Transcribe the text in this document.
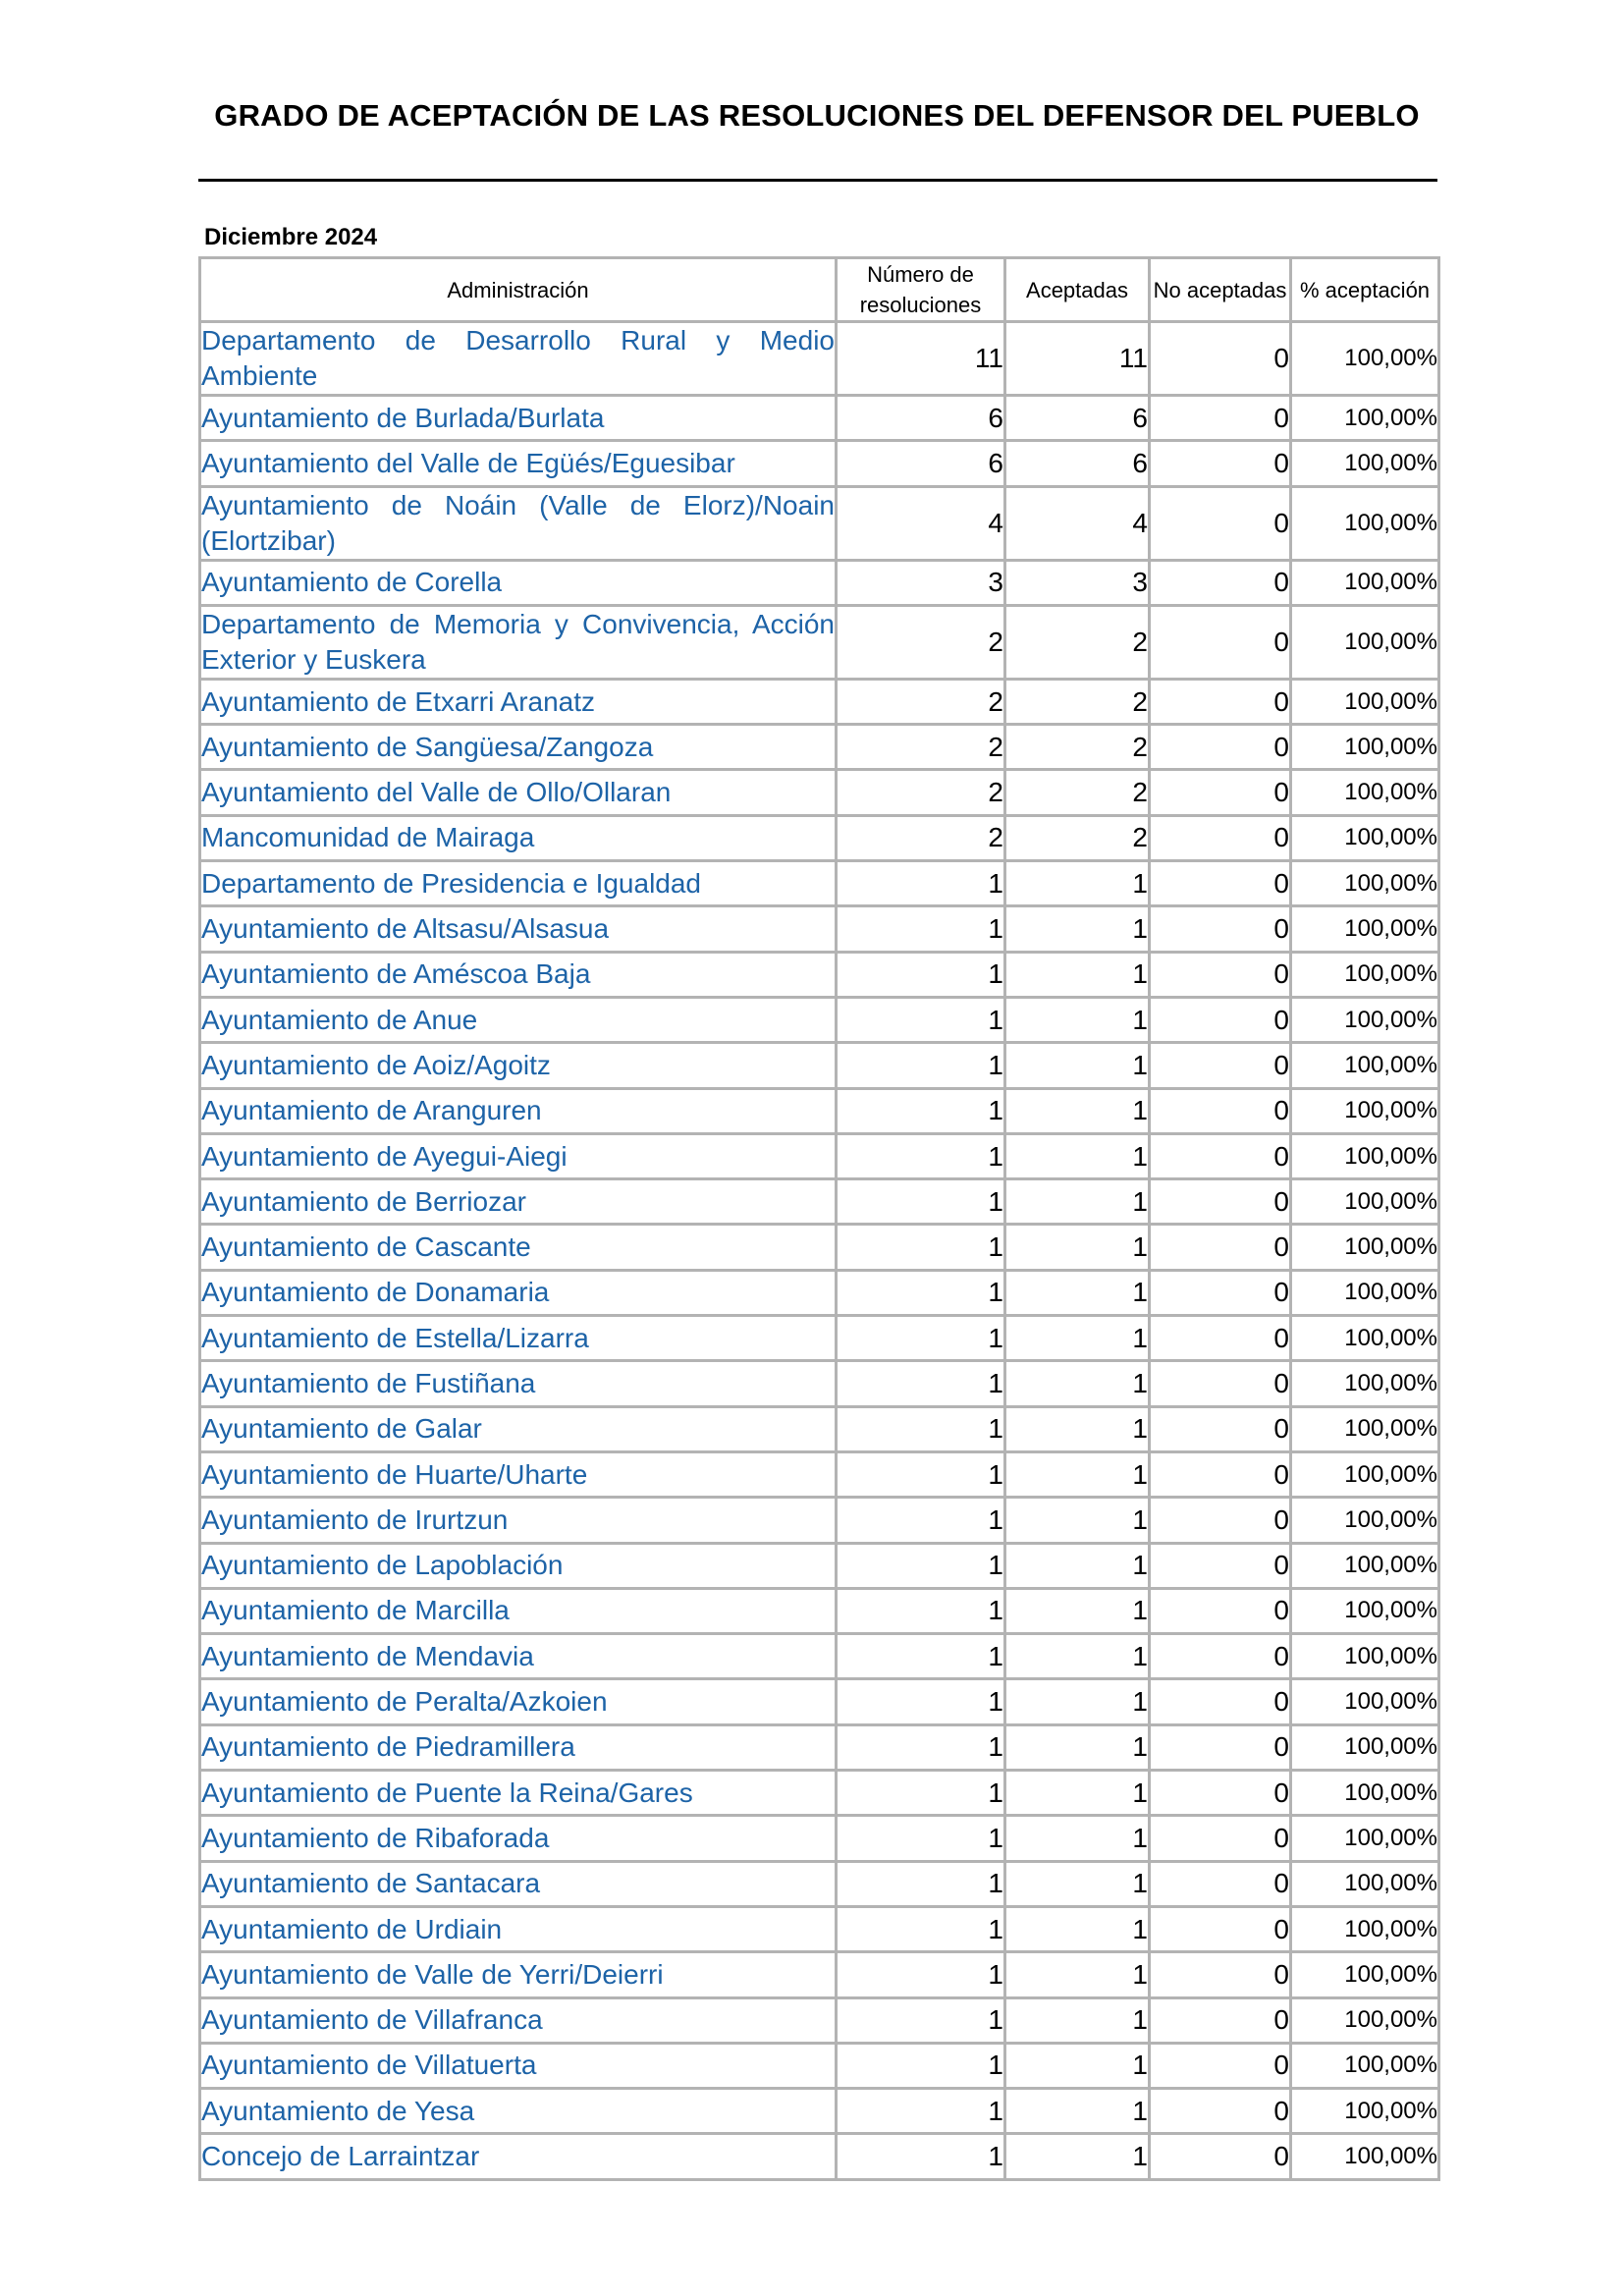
GRADO DE ACEPTACIÓN DE LAS RESOLUCIONES DEL DEFENSOR DEL PUEBLO
Diciembre 2024
Administración	Número de resoluciones	Aceptadas	No aceptadas	% aceptación
Departamento de Desarrollo Rural y Medio Ambiente	11	11	0	100,00%
Ayuntamiento de Burlada/Burlata	6	6	0	100,00%
Ayuntamiento del Valle de Egüés/Eguesibar	6	6	0	100,00%
Ayuntamiento de Noáin (Valle de Elorz)/Noain (Elortzibar)	4	4	0	100,00%
Ayuntamiento de Corella	3	3	0	100,00%
Departamento de Memoria y Convivencia, Acción Exterior y Euskera	2	2	0	100,00%
Ayuntamiento de Etxarri Aranatz	2	2	0	100,00%
Ayuntamiento de Sangüesa/Zangoza	2	2	0	100,00%
Ayuntamiento del Valle de Ollo/Ollaran	2	2	0	100,00%
Mancomunidad de Mairaga	2	2	0	100,00%
Departamento de Presidencia e Igualdad	1	1	0	100,00%
Ayuntamiento de Altsasu/Alsasua	1	1	0	100,00%
Ayuntamiento de Améscoa Baja	1	1	0	100,00%
Ayuntamiento de Anue	1	1	0	100,00%
Ayuntamiento de Aoiz/Agoitz	1	1	0	100,00%
Ayuntamiento de Aranguren	1	1	0	100,00%
Ayuntamiento de Ayegui-Aiegi	1	1	0	100,00%
Ayuntamiento de Berriozar	1	1	0	100,00%
Ayuntamiento de Cascante	1	1	0	100,00%
Ayuntamiento de Donamaria	1	1	0	100,00%
Ayuntamiento de Estella/Lizarra	1	1	0	100,00%
Ayuntamiento de Fustiñana	1	1	0	100,00%
Ayuntamiento de Galar	1	1	0	100,00%
Ayuntamiento de Huarte/Uharte	1	1	0	100,00%
Ayuntamiento de Irurtzun	1	1	0	100,00%
Ayuntamiento de Lapoblación	1	1	0	100,00%
Ayuntamiento de Marcilla	1	1	0	100,00%
Ayuntamiento de Mendavia	1	1	0	100,00%
Ayuntamiento de Peralta/Azkoien	1	1	0	100,00%
Ayuntamiento de Piedramillera	1	1	0	100,00%
Ayuntamiento de Puente la Reina/Gares	1	1	0	100,00%
Ayuntamiento de Ribaforada	1	1	0	100,00%
Ayuntamiento de Santacara	1	1	0	100,00%
Ayuntamiento de Urdiain	1	1	0	100,00%
Ayuntamiento de Valle de Yerri/Deierri	1	1	0	100,00%
Ayuntamiento de Villafranca	1	1	0	100,00%
Ayuntamiento de Villatuerta	1	1	0	100,00%
Ayuntamiento de Yesa	1	1	0	100,00%
Concejo de Larraintzar	1	1	0	100,00%
